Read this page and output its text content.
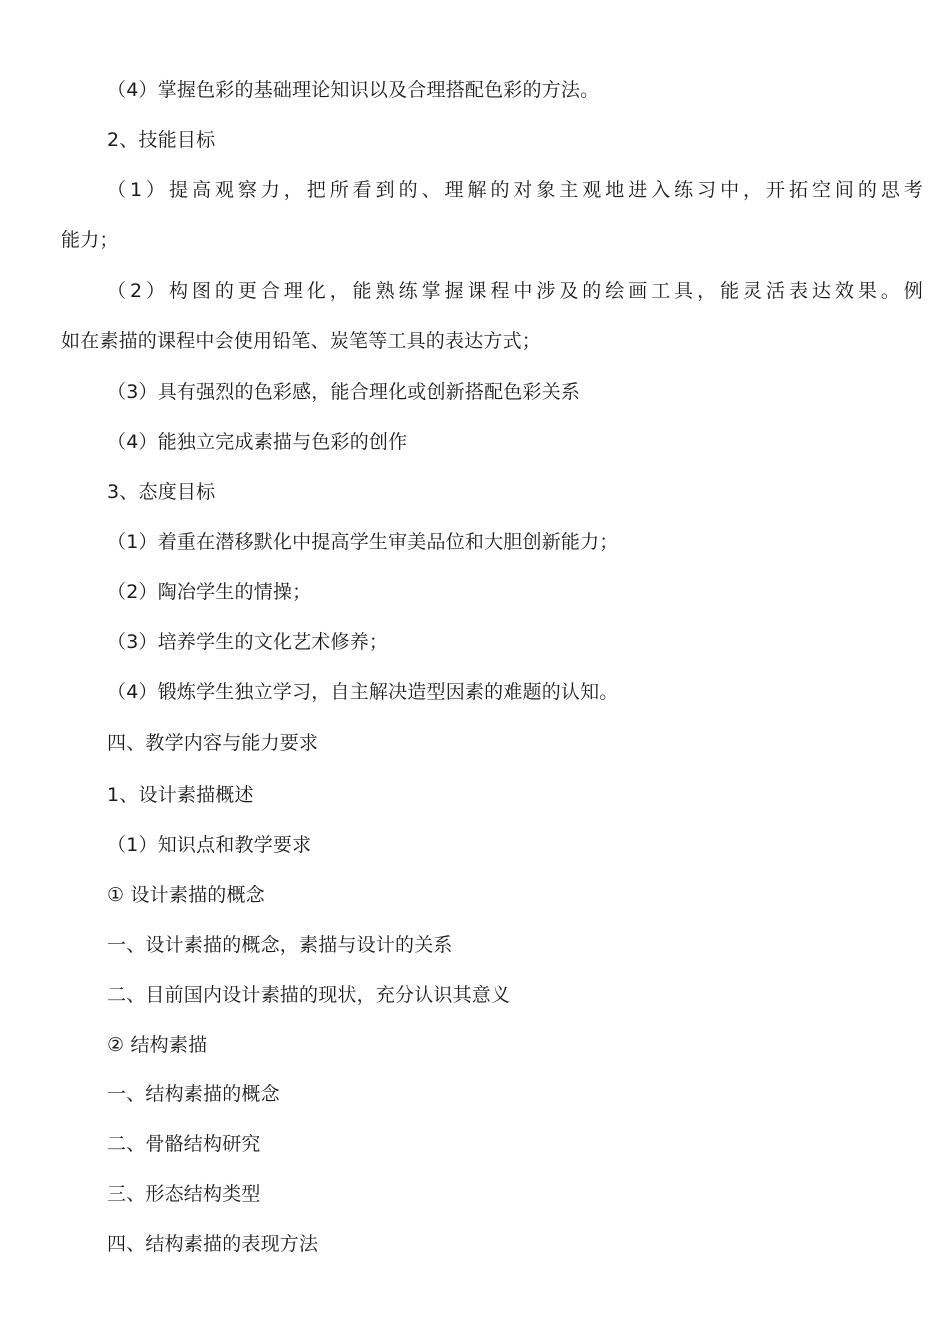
（4）掌握色彩的基础理论知识以及合理搭配色彩的方法。
2、技能目标
（1）提高观察力，把所看到的、理解的对象主观地进入练习中，开拓空间的思考
能力；
（2）构图的更合理化，能熟练掌握课程中涉及的绘画工具，能灵活表达效果。例
如在素描的课程中会使用铅笔、炭笔等工具的表达方式；
（3）具有强烈的色彩感，能合理化或创新搭配色彩关系
（4）能独立完成素描与色彩的创作
3、态度目标
（1）着重在潜移默化中提高学生审美品位和大胆创新能力；
（2）陶冶学生的情操；
（3）培养学生的文化艺术修养；
（4）锻炼学生独立学习，自主解决造型因素的难题的认知。
四、教学内容与能力要求
1、设计素描概述
（1）知识点和教学要求
① 设计素描的概念
一、设计素描的概念，素描与设计的关系
二、目前国内设计素描的现状，充分认识其意义
② 结构素描
一、结构素描的概念
二、骨骼结构研究
三、形态结构类型
四、结构素描的表现方法
